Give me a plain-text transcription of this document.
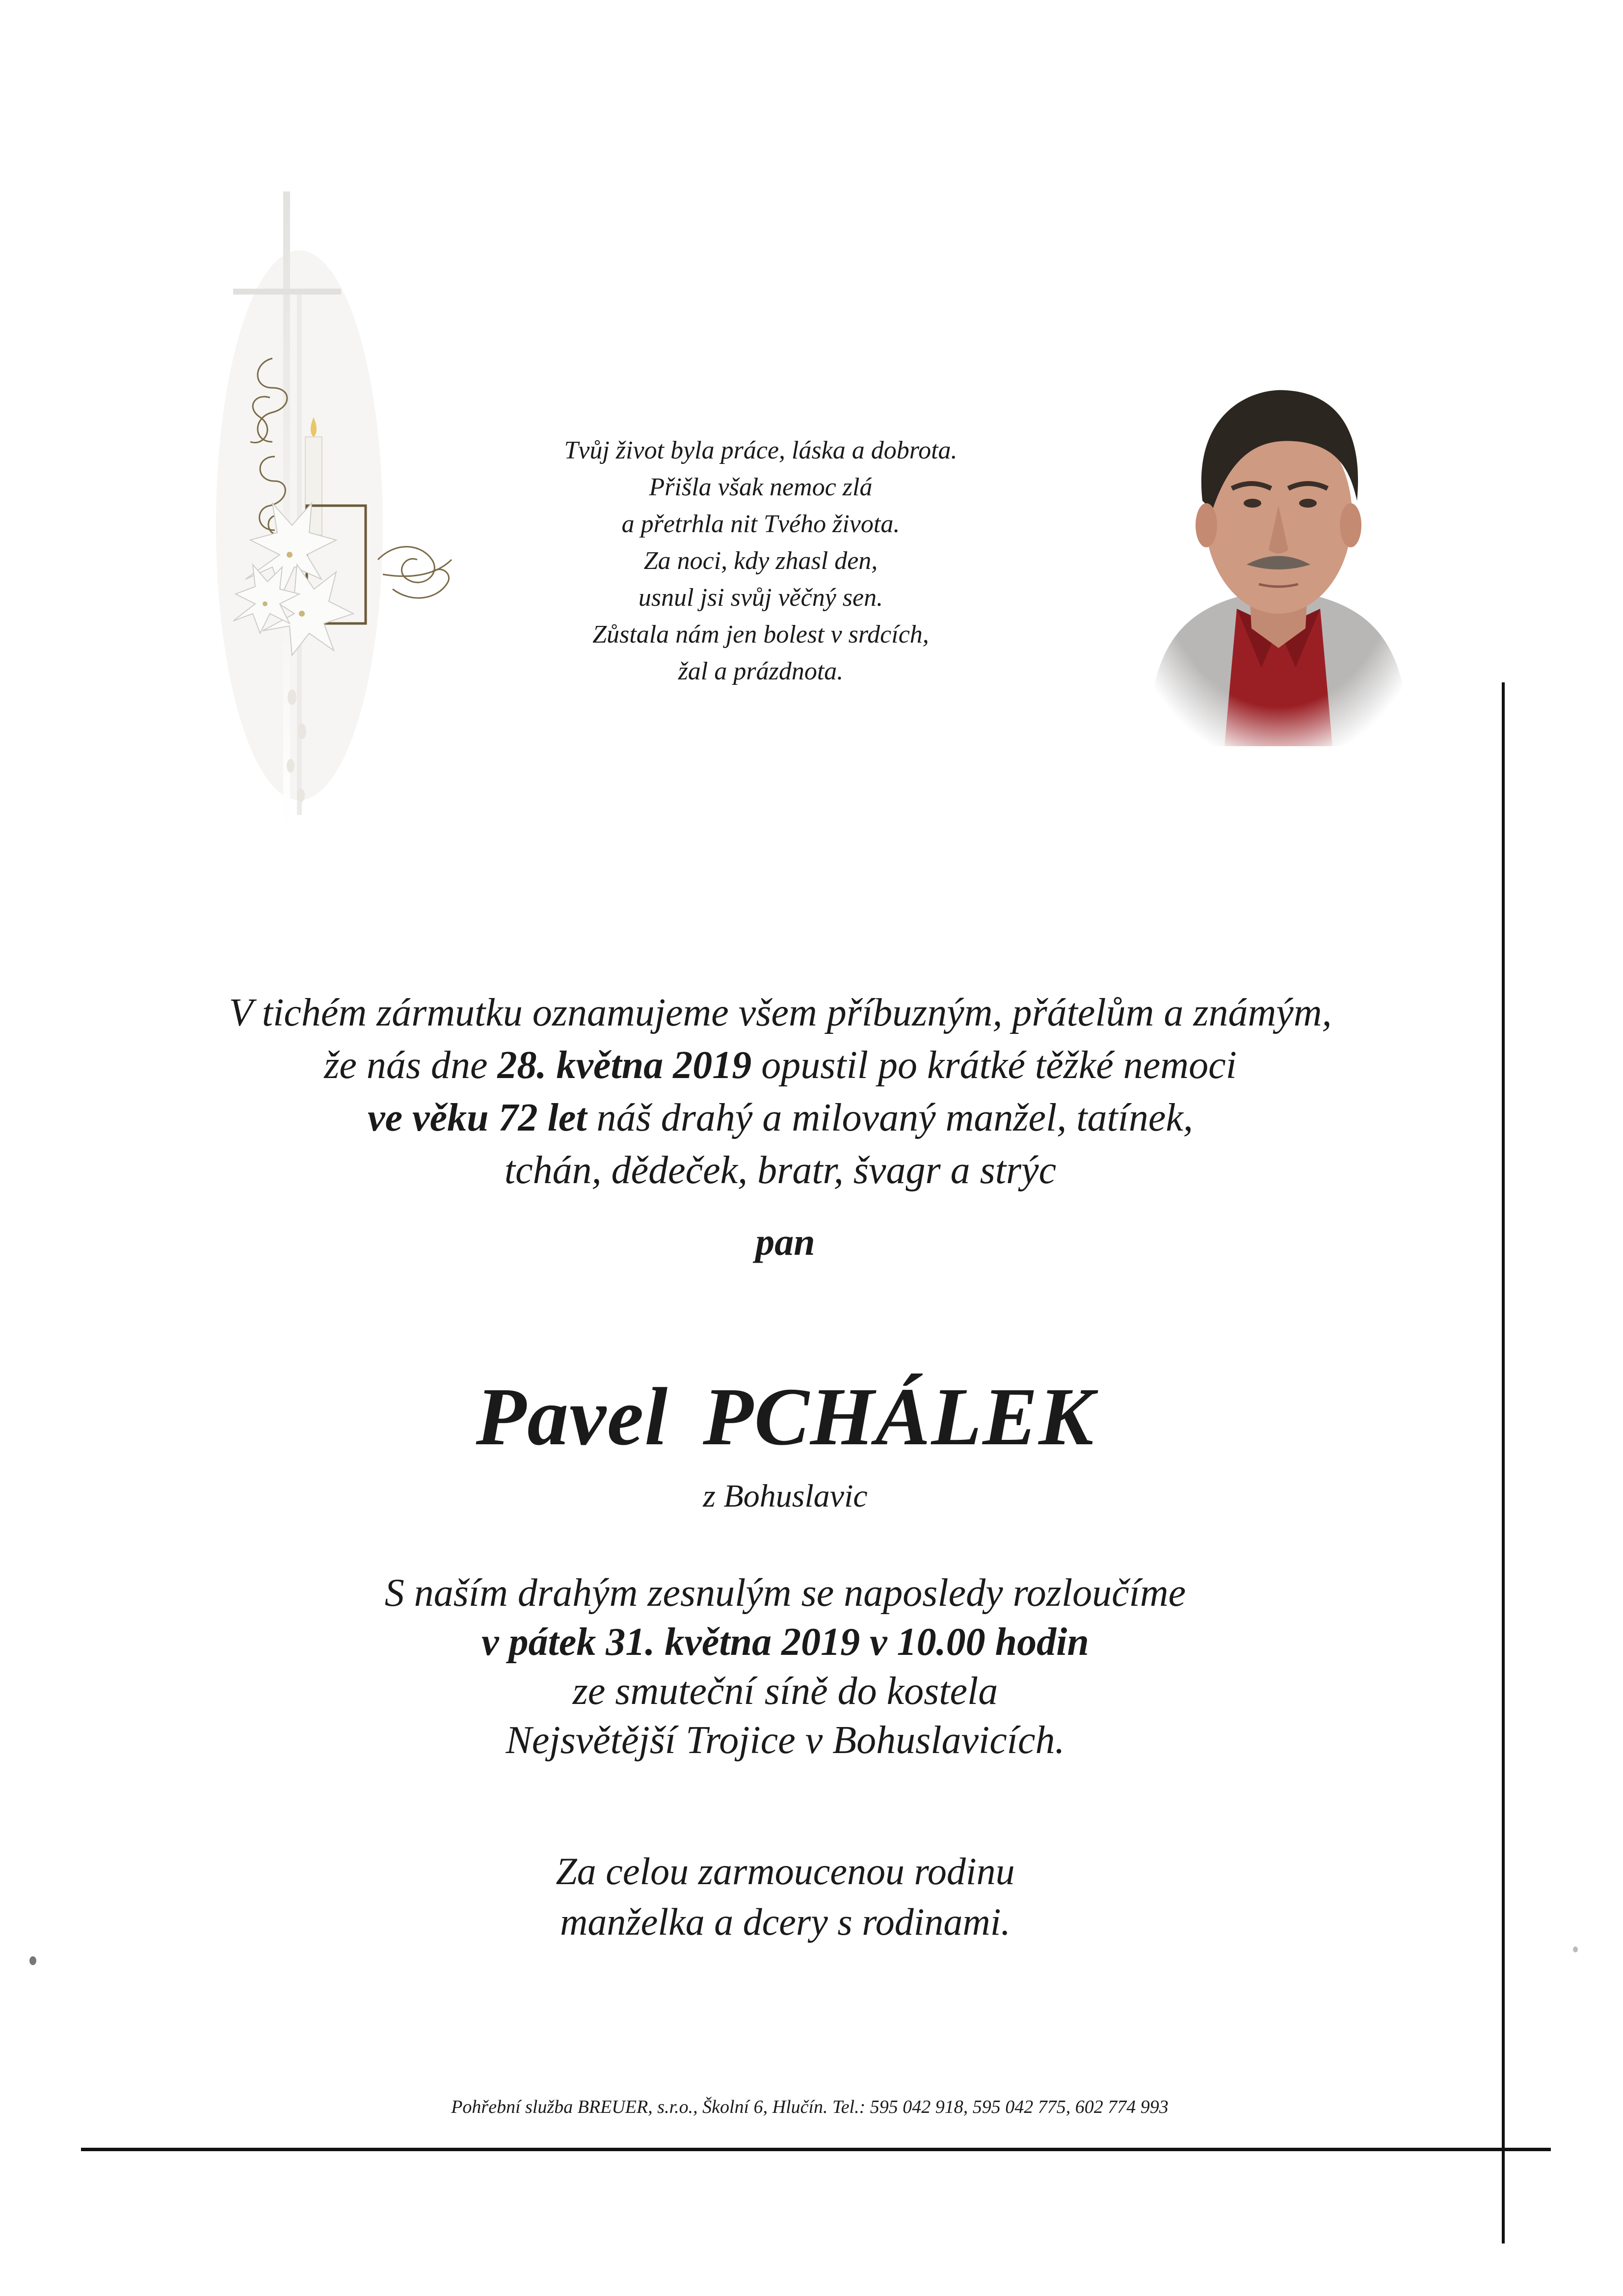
Tvůj život byla práce, láska a dobrota.
Přišla však nemoc zlá
a přetrhla nit Tvého života.
Za noci, kdy zhasl den,
usnul jsi svůj věčný sen.
Zůstala nám jen bolest v srdcích,
žal a prázdnota.
V tichém zármutku oznamujeme všem příbuzným, přátelům a známým,
že nás dne 28. května 2019 opustil po krátké těžké nemoci
ve věku 72 let náš drahý a milovaný manžel, tatínek,
tchán, dědeček, bratr, švagr a strýc
pan
Pavel PCHÁLEK
z Bohuslavic
S naším drahým zesnulým se naposledy rozloučíme
v pátek 31. května 2019 v 10.00 hodin
ze smuteční síně do kostela
Nejsvětější Trojice v Bohuslavicích.
Za celou zarmoucenou rodinu
manželka a dcery s rodinami.
Pohřební služba BREUER, s.r.o., Školní 6, Hlučín. Tel.: 595 042 918, 595 042 775, 602 774 993
